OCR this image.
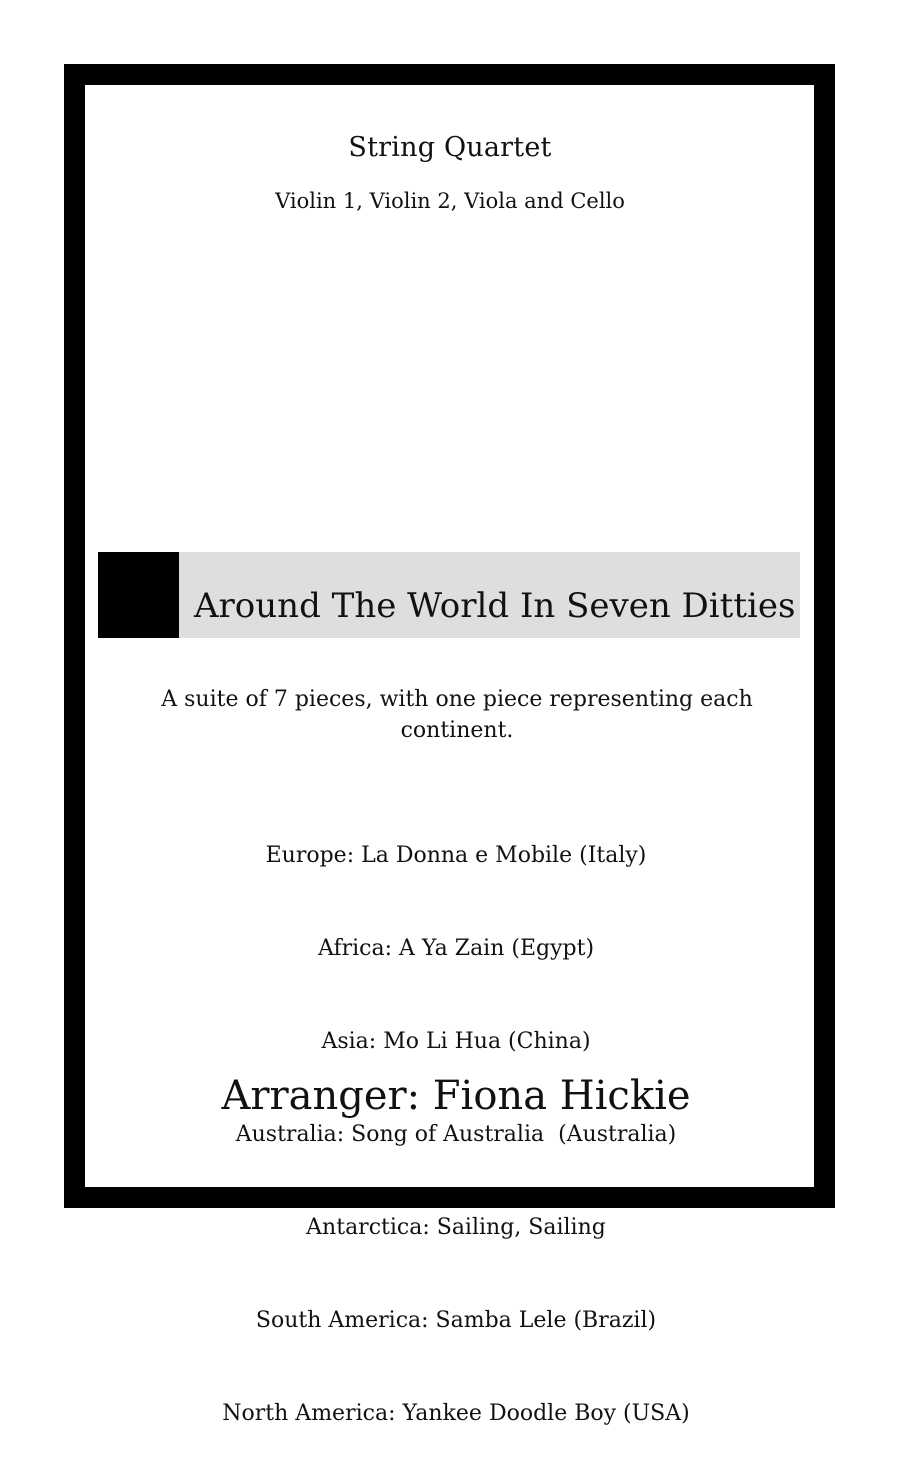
String Quartet
Violin 1, Violin 2, Viola and Cello
Around The World In Seven Ditties
A suite of 7 pieces, with one piece representing each continent.

Europe: La Donna e Mobile (Italy)

Africa: A Ya Zain (Egypt)

Asia: Mo Li Hua (China)

Australia: Song of Australia  (Australia)

Antarctica: Sailing, Sailing

South America: Samba Lele (Brazil)

North America: Yankee Doodle Boy (USA)

Arranger: Fiona Hickie
